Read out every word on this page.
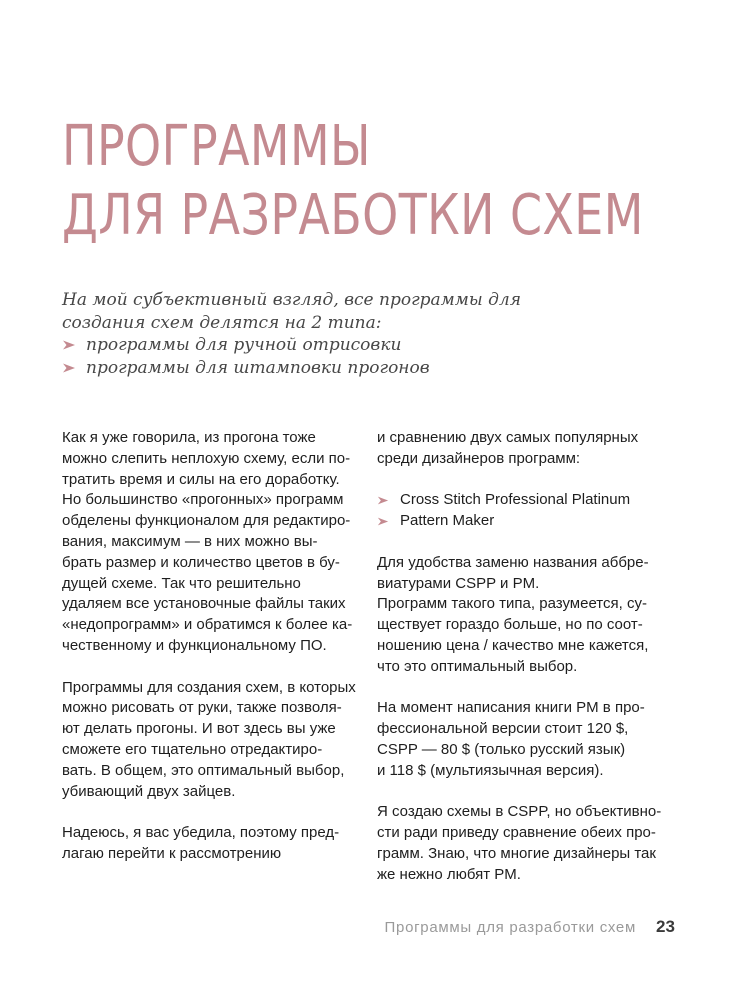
ПРОГРАММЫ
ДЛЯ РАЗРАБОТКИ СХЕМ

На мой субъективный взгляд, все программы для

создания схем делятся на 2 типа:

программы для ручной отрисовки
программы для штамповки прогонов

Как я уже говорила, из прогона тоже
можно слепить неплохую схему, если по-
тратить время и силы на его доработку.
Но большинство «прогонных» программ
обделены функционалом для редактиро-
вания, максимум — в них можно вы-
брать размер и количество цветов в бу-
дущей схеме. Так что решительно
удаляем все установочные файлы таких
«недопрограмм» и обратимся к более ка-
чественному и функциональному ПО.

Программы для создания схем, в которых
можно рисовать от руки, также позволя-
ют делать прогоны. И вот здесь вы уже
сможете его тщательно отредактиро-
вать. В общем, это оптимальный выбор,
убивающий двух зайцев.

Надеюсь, я вас убедила, поэтому пред-
лагаю перейти к рассмотрению

и сравнению двух самых популярных
среди дизайнеров программ:

Cross Stitch Professional Platinum
Pattern Maker

Для удобства заменю названия аббре-
виатурами CSPP и PM.
Программ такого типа, разумеется, су-
ществует гораздо больше, но по соот-
ношению цена / качество мне кажется,
что это оптимальный выбор.

На момент написания книги PM в про-
фессиональной версии стоит 120 $,
CSPP — 80 $ (только русский язык)
и 118 $ (мультиязычная версия).

Я создаю схемы в CSPP, но объективно-
сти ради приведу сравнение обеих про-
грамм. Знаю, что многие дизайнеры так
же нежно любят PM.

Программы для разработки схем 23
